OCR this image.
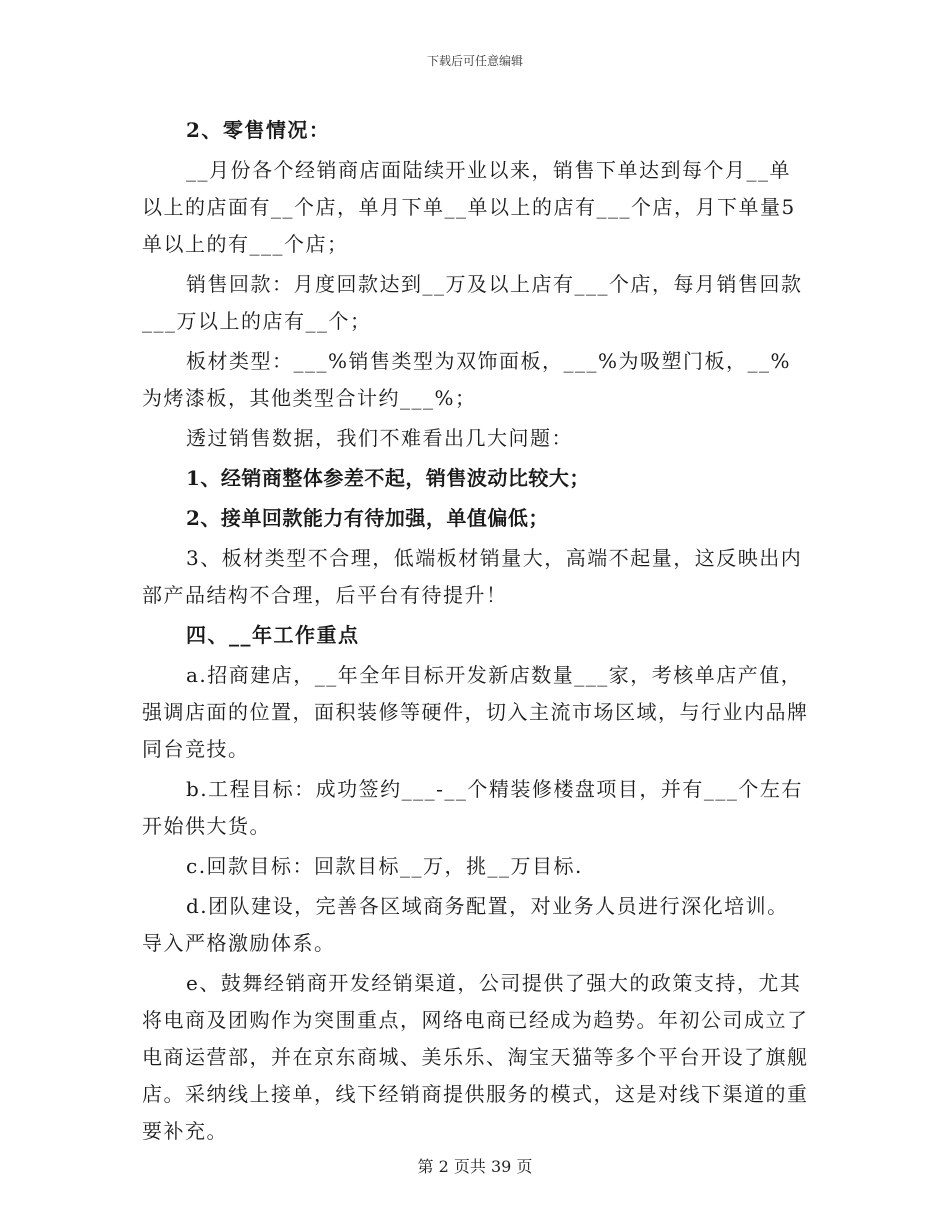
下载后可任意编辑

2、零售情况：

__月份各个经销商店面陆续开业以来，销售下单达到每个月__单以上的店面有__个店，单月下单__单以上的店有___个店，月下单量5单以上的有___个店；

销售回款：月度回款达到__万及以上店有___个店，每月销售回款___万以上的店有__个；

板材类型：___%销售类型为双饰面板，___%为吸塑门板，__%为烤漆板，其他类型合计约___%；

透过销售数据，我们不难看出几大问题：

1、经销商整体参差不起，销售波动比较大；

2、接单回款能力有待加强，单值偏低；

3、板材类型不合理，低端板材销量大，高端不起量，这反映出内部产品结构不合理，后平台有待提升！

四、__年工作重点

a.招商建店，__年全年目标开发新店数量___家，考核单店产值，强调店面的位置，面积装修等硬件，切入主流市场区域，与行业内品牌同台竞技。

b.工程目标：成功签约___-__个精装修楼盘项目，并有___个左右开始供大货。

c.回款目标：回款目标__万，挑__万目标.

d.团队建设，完善各区域商务配置，对业务人员进行深化培训。导入严格激励体系。

e、鼓舞经销商开发经销渠道，公司提供了强大的政策支持，尤其将电商及团购作为突围重点，网络电商已经成为趋势。年初公司成立了电商运营部，并在京东商城、美乐乐、淘宝天猫等多个平台开设了旗舰店。采纳线上接单，线下经销商提供服务的模式，这是对线下渠道的重要补充。

第 2 页共 39 页
